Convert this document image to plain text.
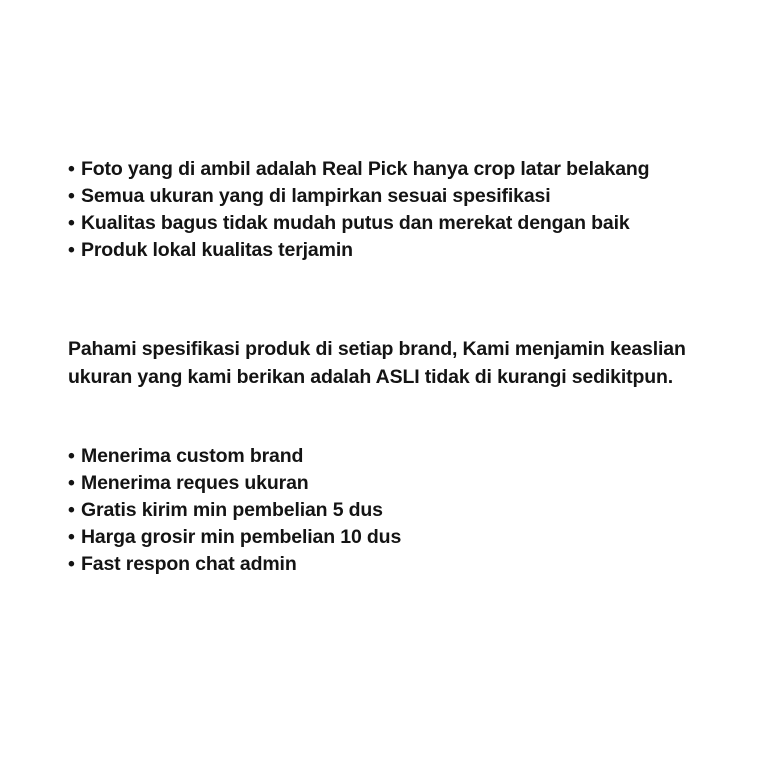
• Foto yang di ambil adalah Real Pick hanya crop latar belakang
• Semua ukuran yang di lampirkan sesuai spesifikasi
• Kualitas bagus tidak mudah putus dan merekat dengan baik
• Produk lokal kualitas terjamin

Pahami spesifikasi produk di setiap brand, Kami menjamin keaslian ukuran yang kami berikan adalah ASLI tidak di kurangi sedikitpun.

• Menerima custom brand
• Menerima reques ukuran
• Gratis kirim min pembelian 5 dus
• Harga grosir min pembelian 10 dus
• Fast respon chat admin
